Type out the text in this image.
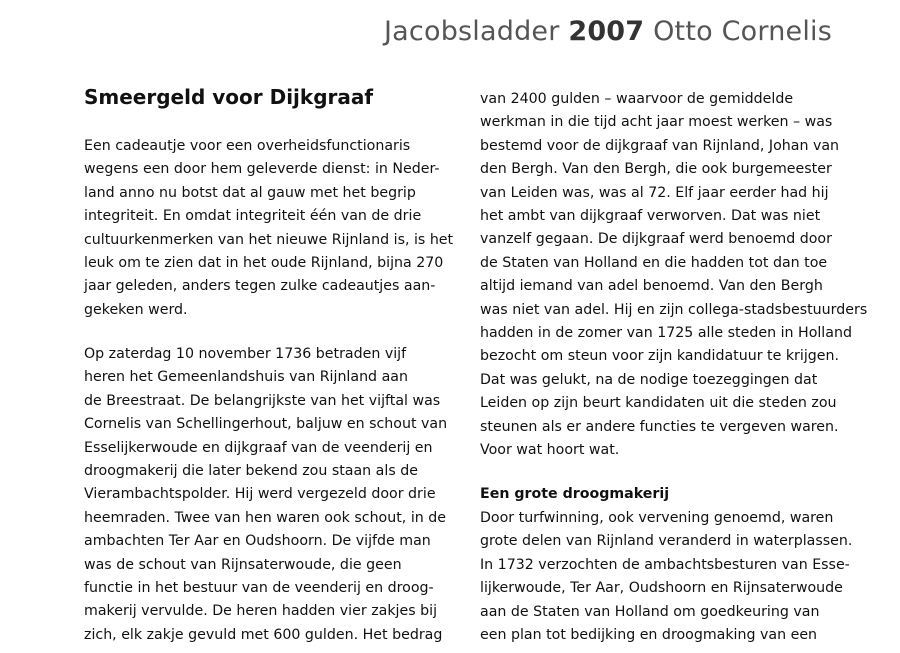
Jacobsladder 2007 Otto Cornelis
Smeergeld voor Dijkgraaf
Een cadeautje voor een overheidsfunctionaris
wegens een door hem geleverde dienst: in Neder-
land anno nu botst dat al gauw met het begrip
integriteit. En omdat integriteit één van de drie
cultuurkenmerken van het nieuwe Rijnland is, is het
leuk om te zien dat in het oude Rijnland, bijna 270
jaar geleden, anders tegen zulke cadeautjes aan-
gekeken werd.
Op zaterdag 10 november 1736 betraden vijf
heren het Gemeenlandshuis van Rijnland aan
de Breestraat. De belangrijkste van het vijftal was
Cornelis van Schellingerhout, baljuw en schout van
Esselijkerwoude en dijkgraaf van de veenderij en
droogmakerij die later bekend zou staan als de
Vierambachtspolder. Hij werd vergezeld door drie
heemraden. Twee van hen waren ook schout, in de
ambachten Ter Aar en Oudshoorn. De vijfde man
was de schout van Rijnsaterwoude, die geen
functie in het bestuur van de veenderij en droog-
makerij vervulde. De heren hadden vier zakjes bij
zich, elk zakje gevuld met 600 gulden. Het bedrag
van 2400 gulden – waarvoor de gemiddelde
werkman in die tijd acht jaar moest werken – was
bestemd voor de dijkgraaf van Rijnland, Johan van
den Bergh. Van den Bergh, die ook burgemeester
van Leiden was, was al 72. Elf jaar eerder had hij
het ambt van dijkgraaf verworven. Dat was niet
vanzelf gegaan. De dijkgraaf werd benoemd door
de Staten van Holland en die hadden tot dan toe
altijd iemand van adel benoemd. Van den Bergh
was niet van adel. Hij en zijn collega-stadsbestuurders
hadden in de zomer van 1725 alle steden in Holland
bezocht om steun voor zijn kandidatuur te krijgen.
Dat was gelukt, na de nodige toezeggingen dat
Leiden op zijn beurt kandidaten uit die steden zou
steunen als er andere functies te vergeven waren.
Voor wat hoort wat.
Een grote droogmakerij
Door turfwinning, ook vervening genoemd, waren
grote delen van Rijnland veranderd in waterplassen.
In 1732 verzochten de ambachtsbesturen van Esse-
lijkerwoude, Ter Aar, Oudshoorn en Rijnsaterwoude
aan de Staten van Holland om goedkeuring van
een plan tot bedijking en droogmaking van een
